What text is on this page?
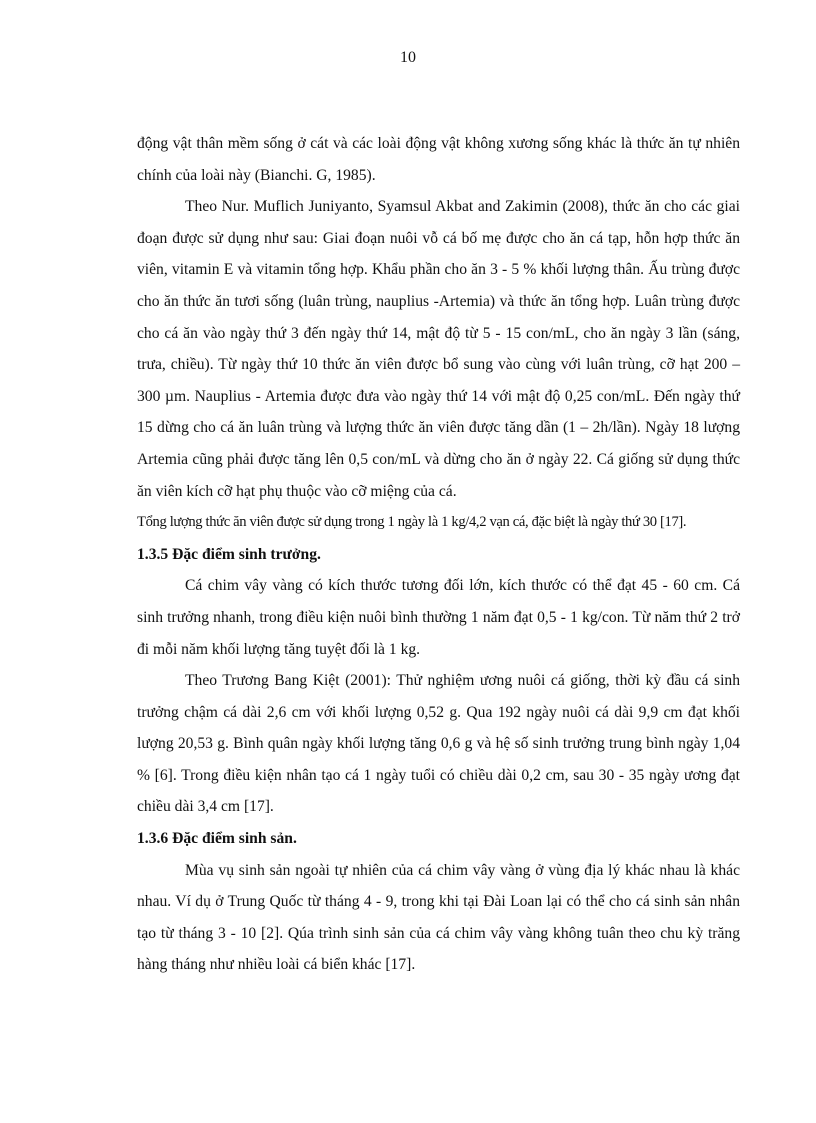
10

động vật thân mềm sống ở cát và các loài động vật không xương sống khác là thức ăn tự nhiên chính của loài này (Bianchi. G, 1985).

Theo Nur. Muflich Juniyanto, Syamsul Akbat and Zakimin (2008), thức ăn cho các giai đoạn được sử dụng như sau: Giai đoạn nuôi vỗ cá bố mẹ được cho ăn cá tạp, hỗn hợp thức ăn viên, vitamin E và vitamin tổng hợp. Khẩu phần cho ăn 3 - 5 % khối lượng thân. Ấu trùng được cho ăn thức ăn tươi sống (luân trùng, nauplius -Artemia) và thức ăn tổng hợp. Luân trùng được cho cá ăn vào ngày thứ 3 đến ngày thứ 14, mật độ từ 5 - 15 con/mL, cho ăn ngày 3 lần (sáng, trưa, chiều). Từ ngày thứ 10 thức ăn viên được bổ sung vào cùng với luân trùng, cỡ hạt 200 – 300 µm. Nauplius - Artemia được đưa vào ngày thứ 14 với mật độ 0,25 con/mL. Đến ngày thứ 15 dừng cho cá ăn luân trùng và lượng thức ăn viên được tăng dần (1 – 2h/lần). Ngày 18 lượng Artemia cũng phải được tăng lên 0,5 con/mL và dừng cho ăn ở ngày 22. Cá giống sử dụng thức ăn viên kích cỡ hạt phụ thuộc vào cỡ miệng của cá.

Tổng lượng thức ăn viên được sử dụng trong 1 ngày là 1 kg/4,2 vạn cá, đặc biệt là ngày thứ 30 [17].

1.3.5 Đặc điểm sinh trưởng.

Cá chim vây vàng có kích thước tương đối lớn, kích thước có thể đạt 45 - 60 cm. Cá sinh trưởng nhanh, trong điều kiện nuôi bình thường 1 năm đạt 0,5 - 1 kg/con. Từ năm thứ 2 trở đi mỗi năm khối lượng tăng tuyệt đối là 1 kg.

Theo Trương Bang Kiệt (2001): Thử nghiệm ương nuôi cá giống, thời kỳ đầu cá sinh trưởng chậm cá dài 2,6 cm với khối lượng 0,52 g. Qua 192 ngày nuôi cá dài 9,9 cm đạt khối lượng 20,53 g. Bình quân ngày khối lượng tăng 0,6 g và hệ số sinh trưởng trung bình ngày 1,04 % [6]. Trong điều kiện nhân tạo cá 1 ngày tuổi có chiều dài 0,2 cm, sau 30 - 35 ngày ương đạt chiều dài 3,4 cm [17].

1.3.6 Đặc điểm sinh sản.

Mùa vụ sinh sản ngoài tự nhiên của cá chim vây vàng ở vùng địa lý khác nhau là khác nhau. Ví dụ ở Trung Quốc từ tháng 4 - 9, trong khi tại Đài Loan lại có thể cho cá sinh sản nhân tạo từ tháng 3 - 10 [2]. Qúa trình sinh sản của cá chim vây vàng không tuân theo chu kỳ trăng hàng tháng như nhiều loài cá biển khác [17].
